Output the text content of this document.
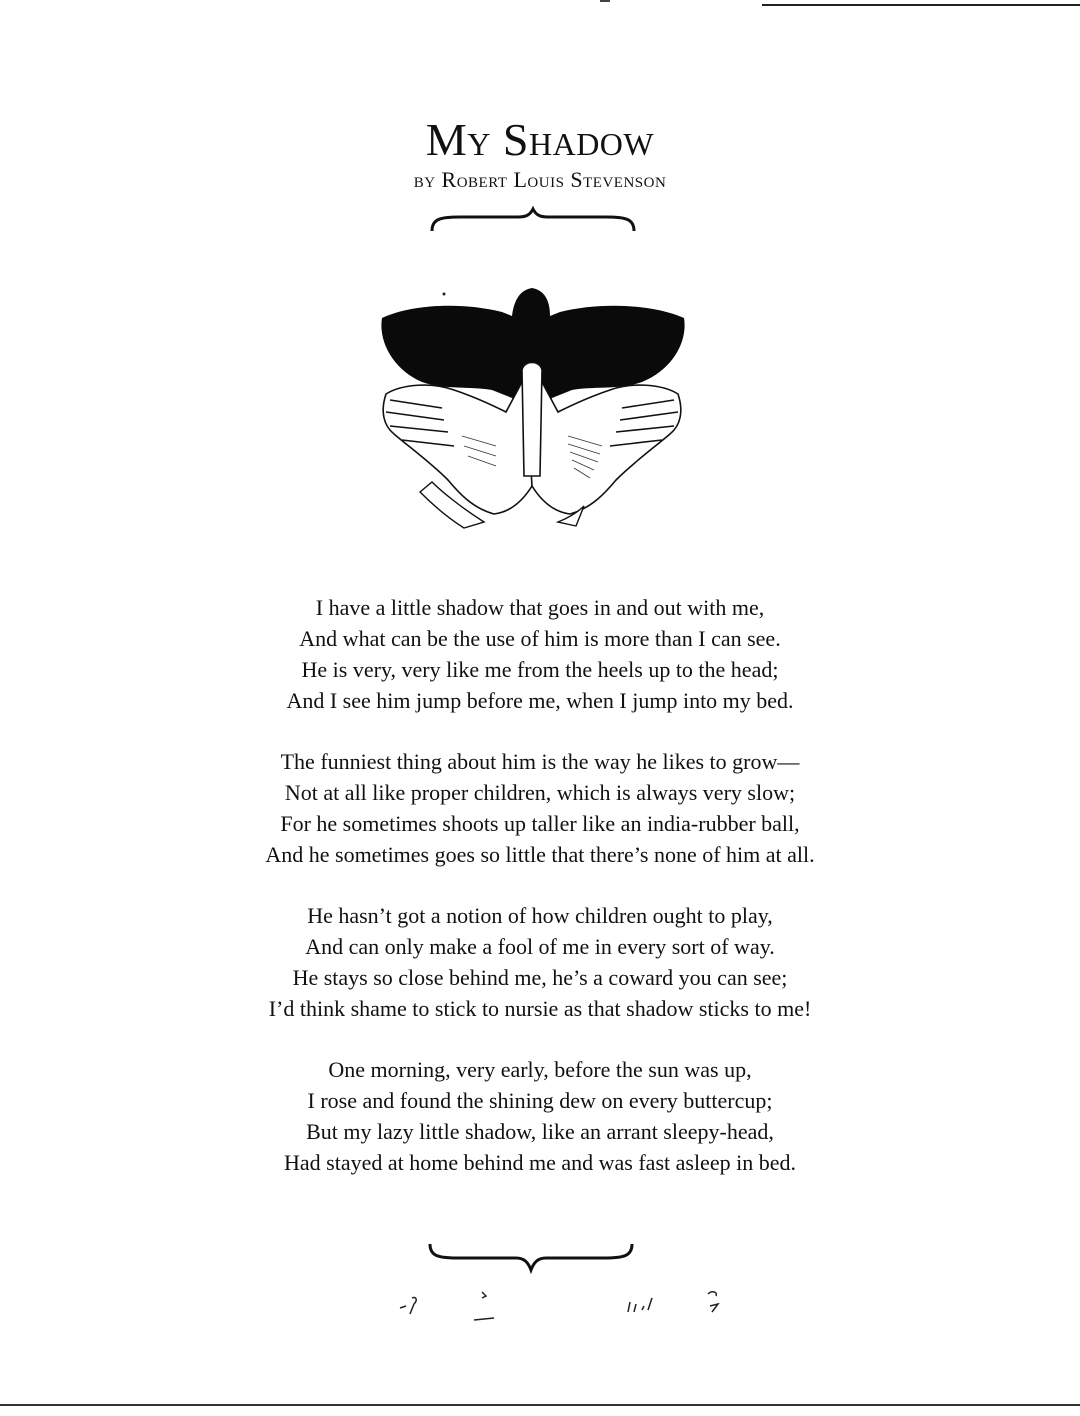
My Shadow
by Robert Louis Stevenson
I have a little shadow that goes in and out with me,
And what can be the use of him is more than I can see.
He is very, very like me from the heels up to the head;
And I see him jump before me, when I jump into my bed.
The funniest thing about him is the way he likes to grow—
Not at all like proper children, which is always very slow;
For he sometimes shoots up taller like an india-rubber ball,
And he sometimes goes so little that there’s none of him at all.
He hasn’t got a notion of how children ought to play,
And can only make a fool of me in every sort of way.
He stays so close behind me, he’s a coward you can see;
I’d think shame to stick to nursie as that shadow sticks to me!
One morning, very early, before the sun was up,
I rose and found the shining dew on every buttercup;
But my lazy little shadow, like an arrant sleepy-head,
Had stayed at home behind me and was fast asleep in bed.
